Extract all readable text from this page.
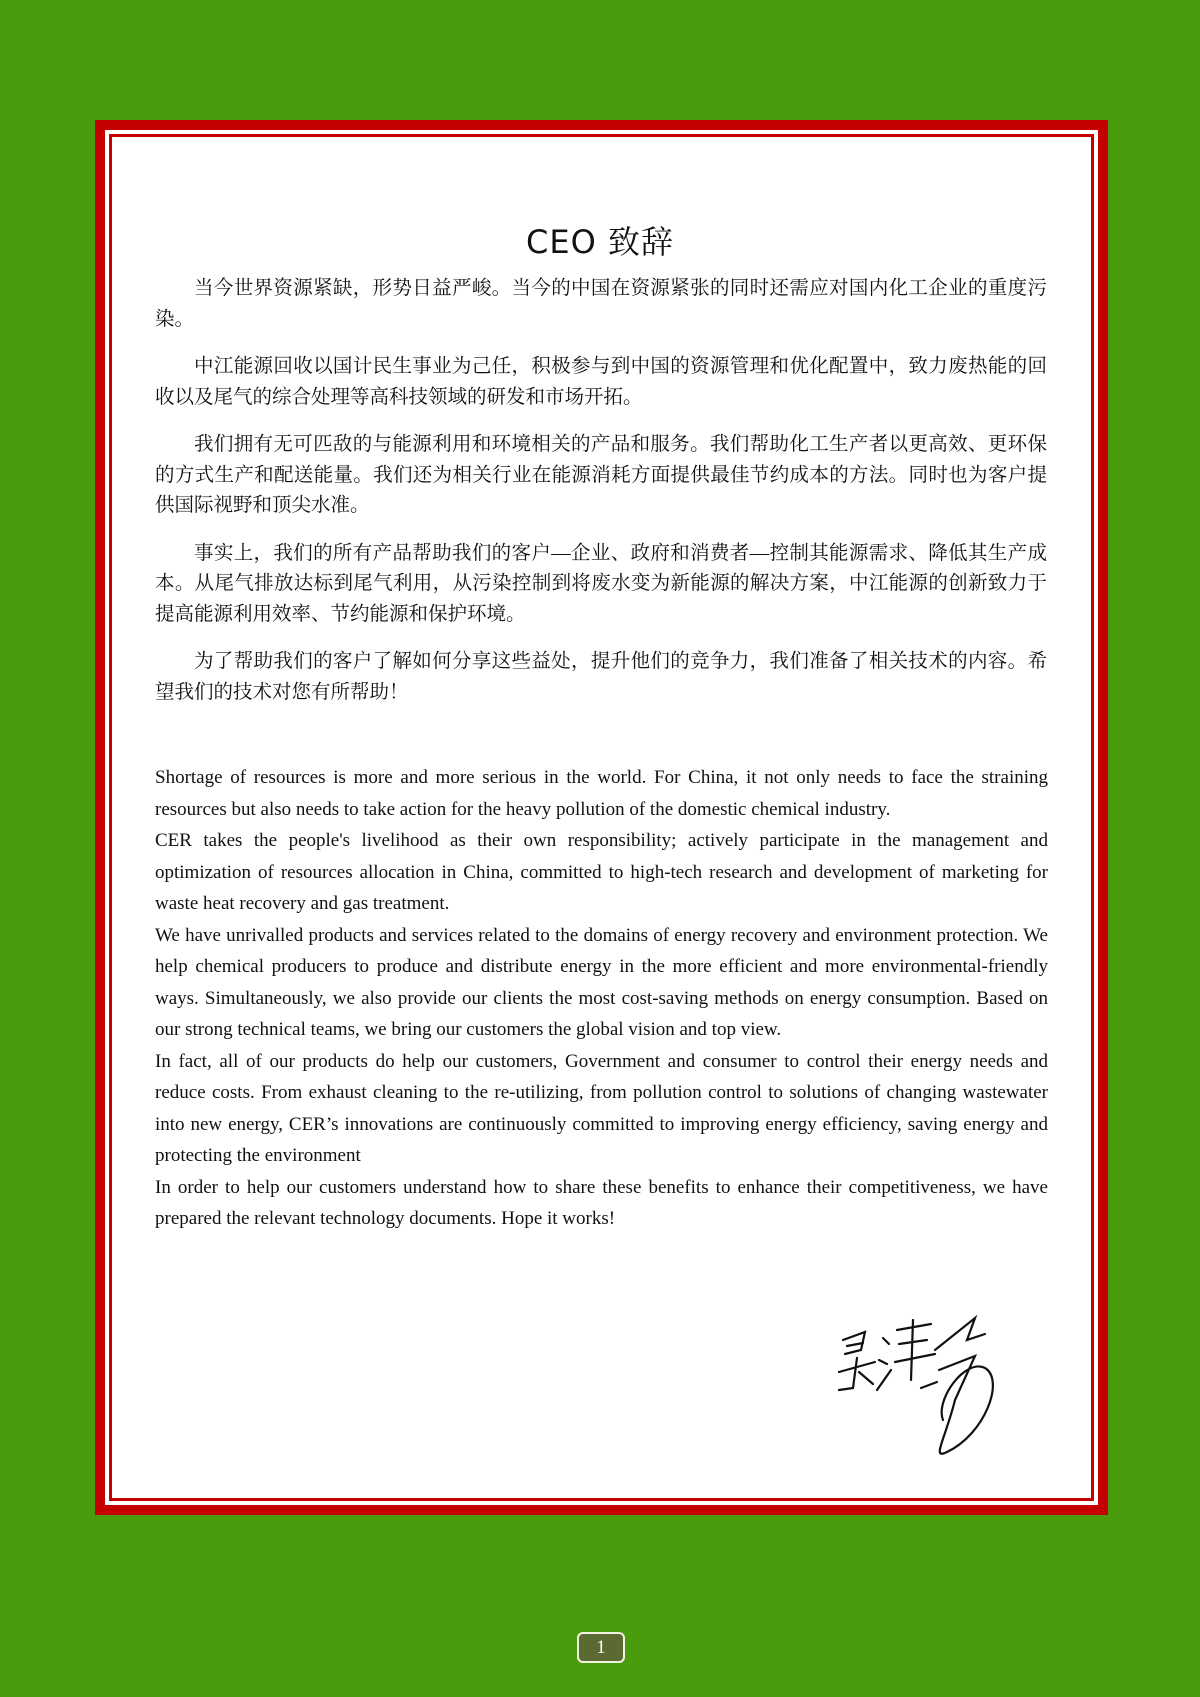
CEO 致辞

当今世界资源紧缺，形势日益严峻。当今的中国在资源紧张的同时还需应对国内化工企业的重度污染。

中江能源回收以国计民生事业为己任，积极参与到中国的资源管理和优化配置中，致力废热能的回收以及尾气的综合处理等高科技领域的研发和市场开拓。

我们拥有无可匹敌的与能源利用和环境相关的产品和服务。我们帮助化工生产者以更高效、更环保的方式生产和配送能量。我们还为相关行业在能源消耗方面提供最佳节约成本的方法。同时也为客户提供国际视野和顶尖水准。

事实上，我们的所有产品帮助我们的客户—企业、政府和消费者—控制其能源需求、降低其生产成本。从尾气排放达标到尾气利用，从污染控制到将废水变为新能源的解决方案，中江能源的创新致力于提高能源利用效率、节约能源和保护环境。

为了帮助我们的客户了解如何分享这些益处，提升他们的竞争力，我们准备了相关技术的内容。希望我们的技术对您有所帮助！

Shortage of resources is more and more serious in the world. For China, it not only needs to face the straining resources but also needs to take action for the heavy pollution of the domestic chemical industry.

CER takes the people's livelihood as their own responsibility; actively participate in the management and optimization of resources allocation in China, committed to high-tech research and development of marketing for waste heat recovery and gas treatment.

We have unrivalled products and services related to the domains of energy recovery and environment protection. We help chemical producers to produce and distribute energy in the more efficient and more environmental-friendly ways. Simultaneously, we also provide our clients the most cost-saving methods on energy consumption. Based on our strong technical teams, we bring our customers the global vision and top view.

In fact, all of our products do help our customers, Government and consumer to control their energy needs and reduce costs. From exhaust cleaning to the re-utilizing, from pollution control to solutions of changing wastewater into new energy, CER’s innovations are continuously committed to improving energy efficiency, saving energy and protecting the environment

In order to help our customers understand how to share these benefits to enhance their competitiveness, we have prepared the relevant technology documents. Hope it works!

1
